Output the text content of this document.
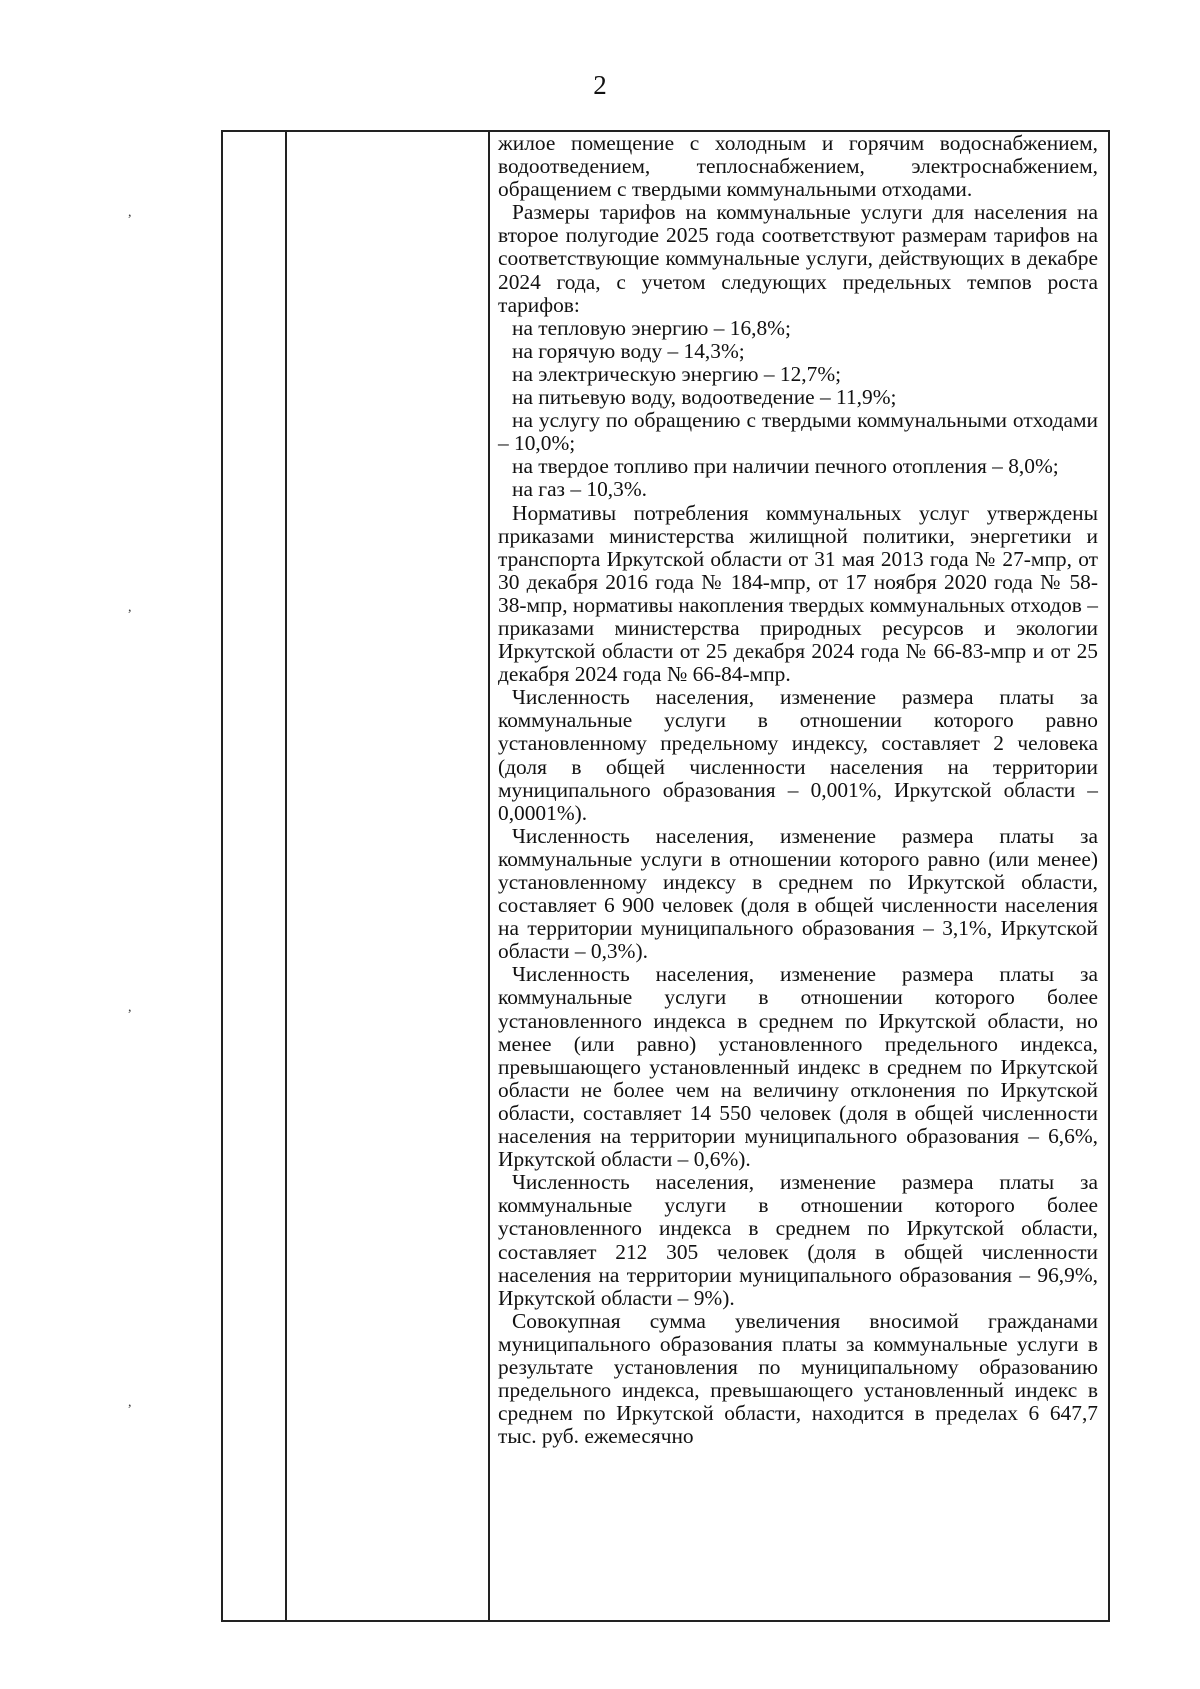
2
,
,
,
,

жилое помещение с холодным и горячим водоснабжением, водоотведением, теплоснабжением, электроснабжением, обращением с твердыми коммунальными отходами.

Размеры тарифов на коммунальные услуги для населения на второе полугодие 2025 года соответствуют размерам тарифов на соответствующие коммунальные услуги, действующих в декабре 2024 года, с учетом следующих предельных темпов роста тарифов:

на тепловую энергию – 16,8%;

на горячую воду – 14,3%;

на электрическую энергию – 12,7%;

на питьевую воду, водоотведение – 11,9%;

на услугу по обращению с твердыми коммунальными отходами – 10,0%;

на твердое топливо при наличии печного отопления – 8,0%;

на газ – 10,3%.

Нормативы потребления коммунальных услуг утверждены приказами министерства жилищной политики, энергетики и транспорта Иркутской области от 31 мая 2013 года № 27-мпр, от 30 декабря 2016 года № 184-мпр, от 17 ноября 2020 года № 58-38-мпр, нормативы накопления твердых коммунальных отходов – приказами министерства природных ресурсов и экологии Иркутской области от 25 декабря 2024 года № 66-83-мпр и от 25 декабря 2024 года № 66-84-мпр.

Численность населения, изменение размера платы за коммунальные услуги в отношении которого равно установленному предельному индексу, составляет 2 человека (доля в общей численности населения на территории муниципального образования – 0,001%, Иркутской области – 0,0001%).

Численность населения, изменение размера платы за коммунальные услуги в отношении которого равно (или менее) установленному индексу в среднем по Иркутской области, составляет 6 900 человек (доля в общей численности населения на территории муниципального образования – 3,1%, Иркутской области – 0,3%).

Численность населения, изменение размера платы за коммунальные услуги в отношении которого более установленного индекса в среднем по Иркутской области, но менее (или равно) установленного предельного индекса, превышающего установленный индекс в среднем по Иркутской области не более чем на величину отклонения по Иркутской области, составляет 14 550 человек (доля в общей численности населения на территории муниципального образования – 6,6%, Иркутской области – 0,6%).

Численность населения, изменение размера платы за коммунальные услуги в отношении которого более установленного индекса в среднем по Иркутской области, составляет 212 305 человек (доля в общей численности населения на территории муниципального образования – 96,9%, Иркутской области – 9%).

Совокупная сумма увеличения вносимой гражданами муниципального образования платы за коммунальные услуги в результате установления по муниципальному образованию предельного индекса, превышающего установленный индекс в среднем по Иркутской области, находится в пределах 6 647,7 тыс. руб. ежемесячно
